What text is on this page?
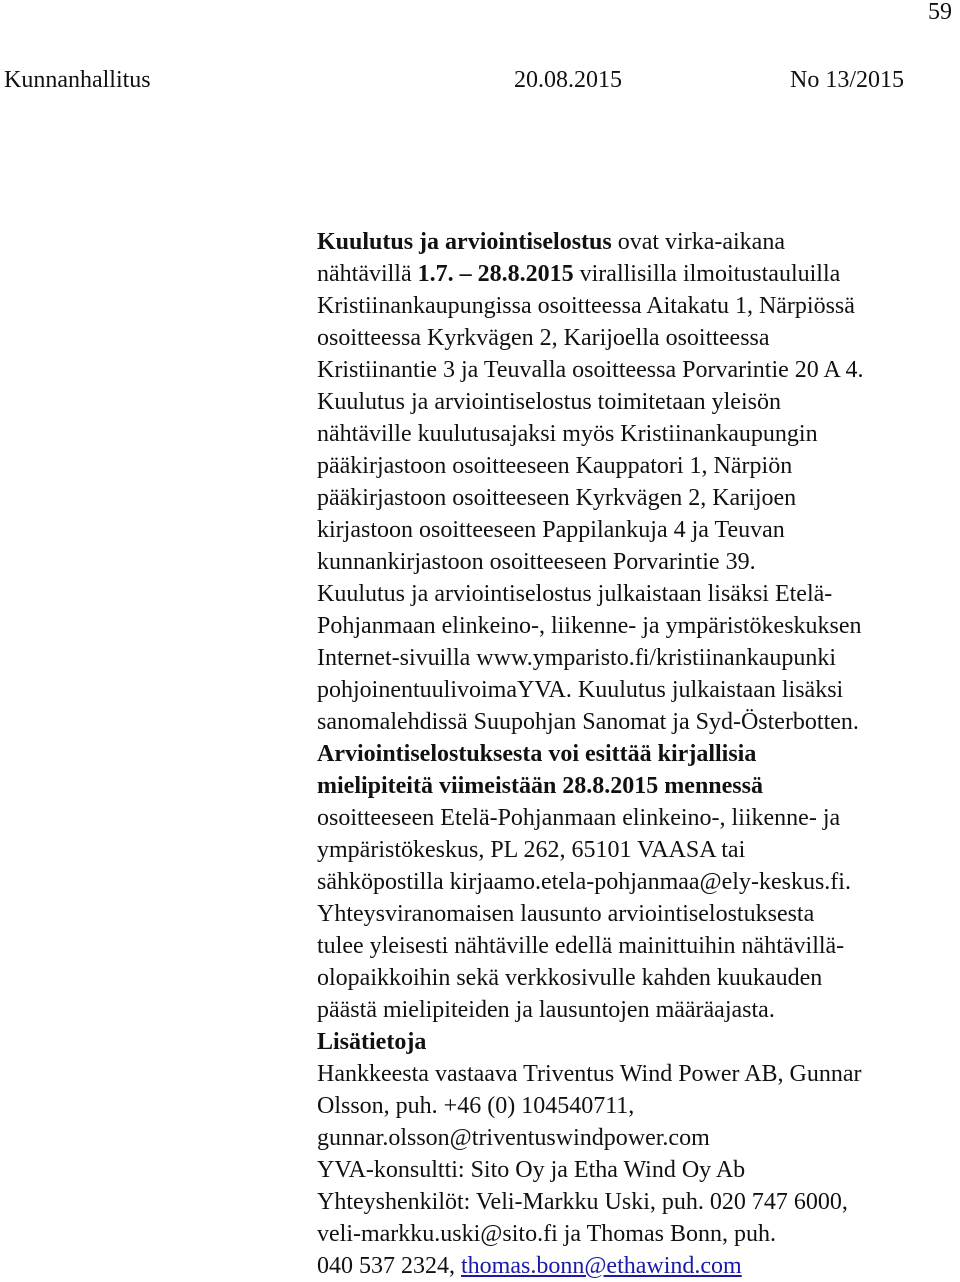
59
Kunnanhallitus	20.08.2015	No 13/2015

Kuulutus ja arviointiselostus ovat virka-aikana
nähtävillä 1.7. – 28.8.2015 virallisilla ilmoitustauluilla
Kristiinankaupungissa osoitteessa Aitakatu 1, Närpiössä
osoitteessa Kyrkvägen 2, Karijoella osoitteessa
Kristiinantie 3 ja Teuvalla osoitteessa Porvarintie 20 A 4.

Kuulutus ja arviointiselostus toimitetaan yleisön
nähtäville kuulutusajaksi myös Kristiinankaupungin
pääkirjastoon osoitteeseen Kauppatori 1, Närpiön
pääkirjastoon osoitteeseen Kyrkvägen 2, Karijoen
kirjastoon osoitteeseen Pappilankuja 4 ja Teuvan
kunnankirjastoon osoitteeseen Porvarintie 39.

Kuulutus ja arviointiselostus julkaistaan lisäksi Etelä-
Pohjanmaan elinkeino-, liikenne- ja ympäristökeskuksen
Internet-sivuilla www.ymparisto.fi/kristiinankaupunki
pohjoinentuulivoimaYVA. Kuulutus julkaistaan lisäksi
sanomalehdissä Suupohjan Sanomat ja Syd-Österbotten.

Arviointiselostuksesta voi esittää kirjallisia
mielipiteitä viimeistään 28.8.2015 mennessä
osoitteeseen Etelä-Pohjanmaan elinkeino-, liikenne- ja
ympäristökeskus, PL 262, 65101 VAASA tai
sähköpostilla kirjaamo.etela-pohjanmaa@ely-keskus.fi.

Yhteysviranomaisen lausunto arviointiselostuksesta
tulee yleisesti nähtäville edellä mainittuihin nähtävillä-
olopaikkoihin sekä verkkosivulle kahden kuukauden
päästä mielipiteiden ja lausuntojen määräajasta.

Lisätietoja
Hankkeesta vastaava Triventus Wind Power AB, Gunnar
Olsson, puh. +46 (0) 104540711,
gunnar.olsson@triventuswindpower.com
YVA-konsultti: Sito Oy ja Etha Wind Oy Ab
Yhteyshenkilöt: Veli-Markku Uski, puh. 020 747 6000,
veli-markku.uski@sito.fi ja Thomas Bonn, puh.
040 537 2324, thomas.bonn@ethawind.com
